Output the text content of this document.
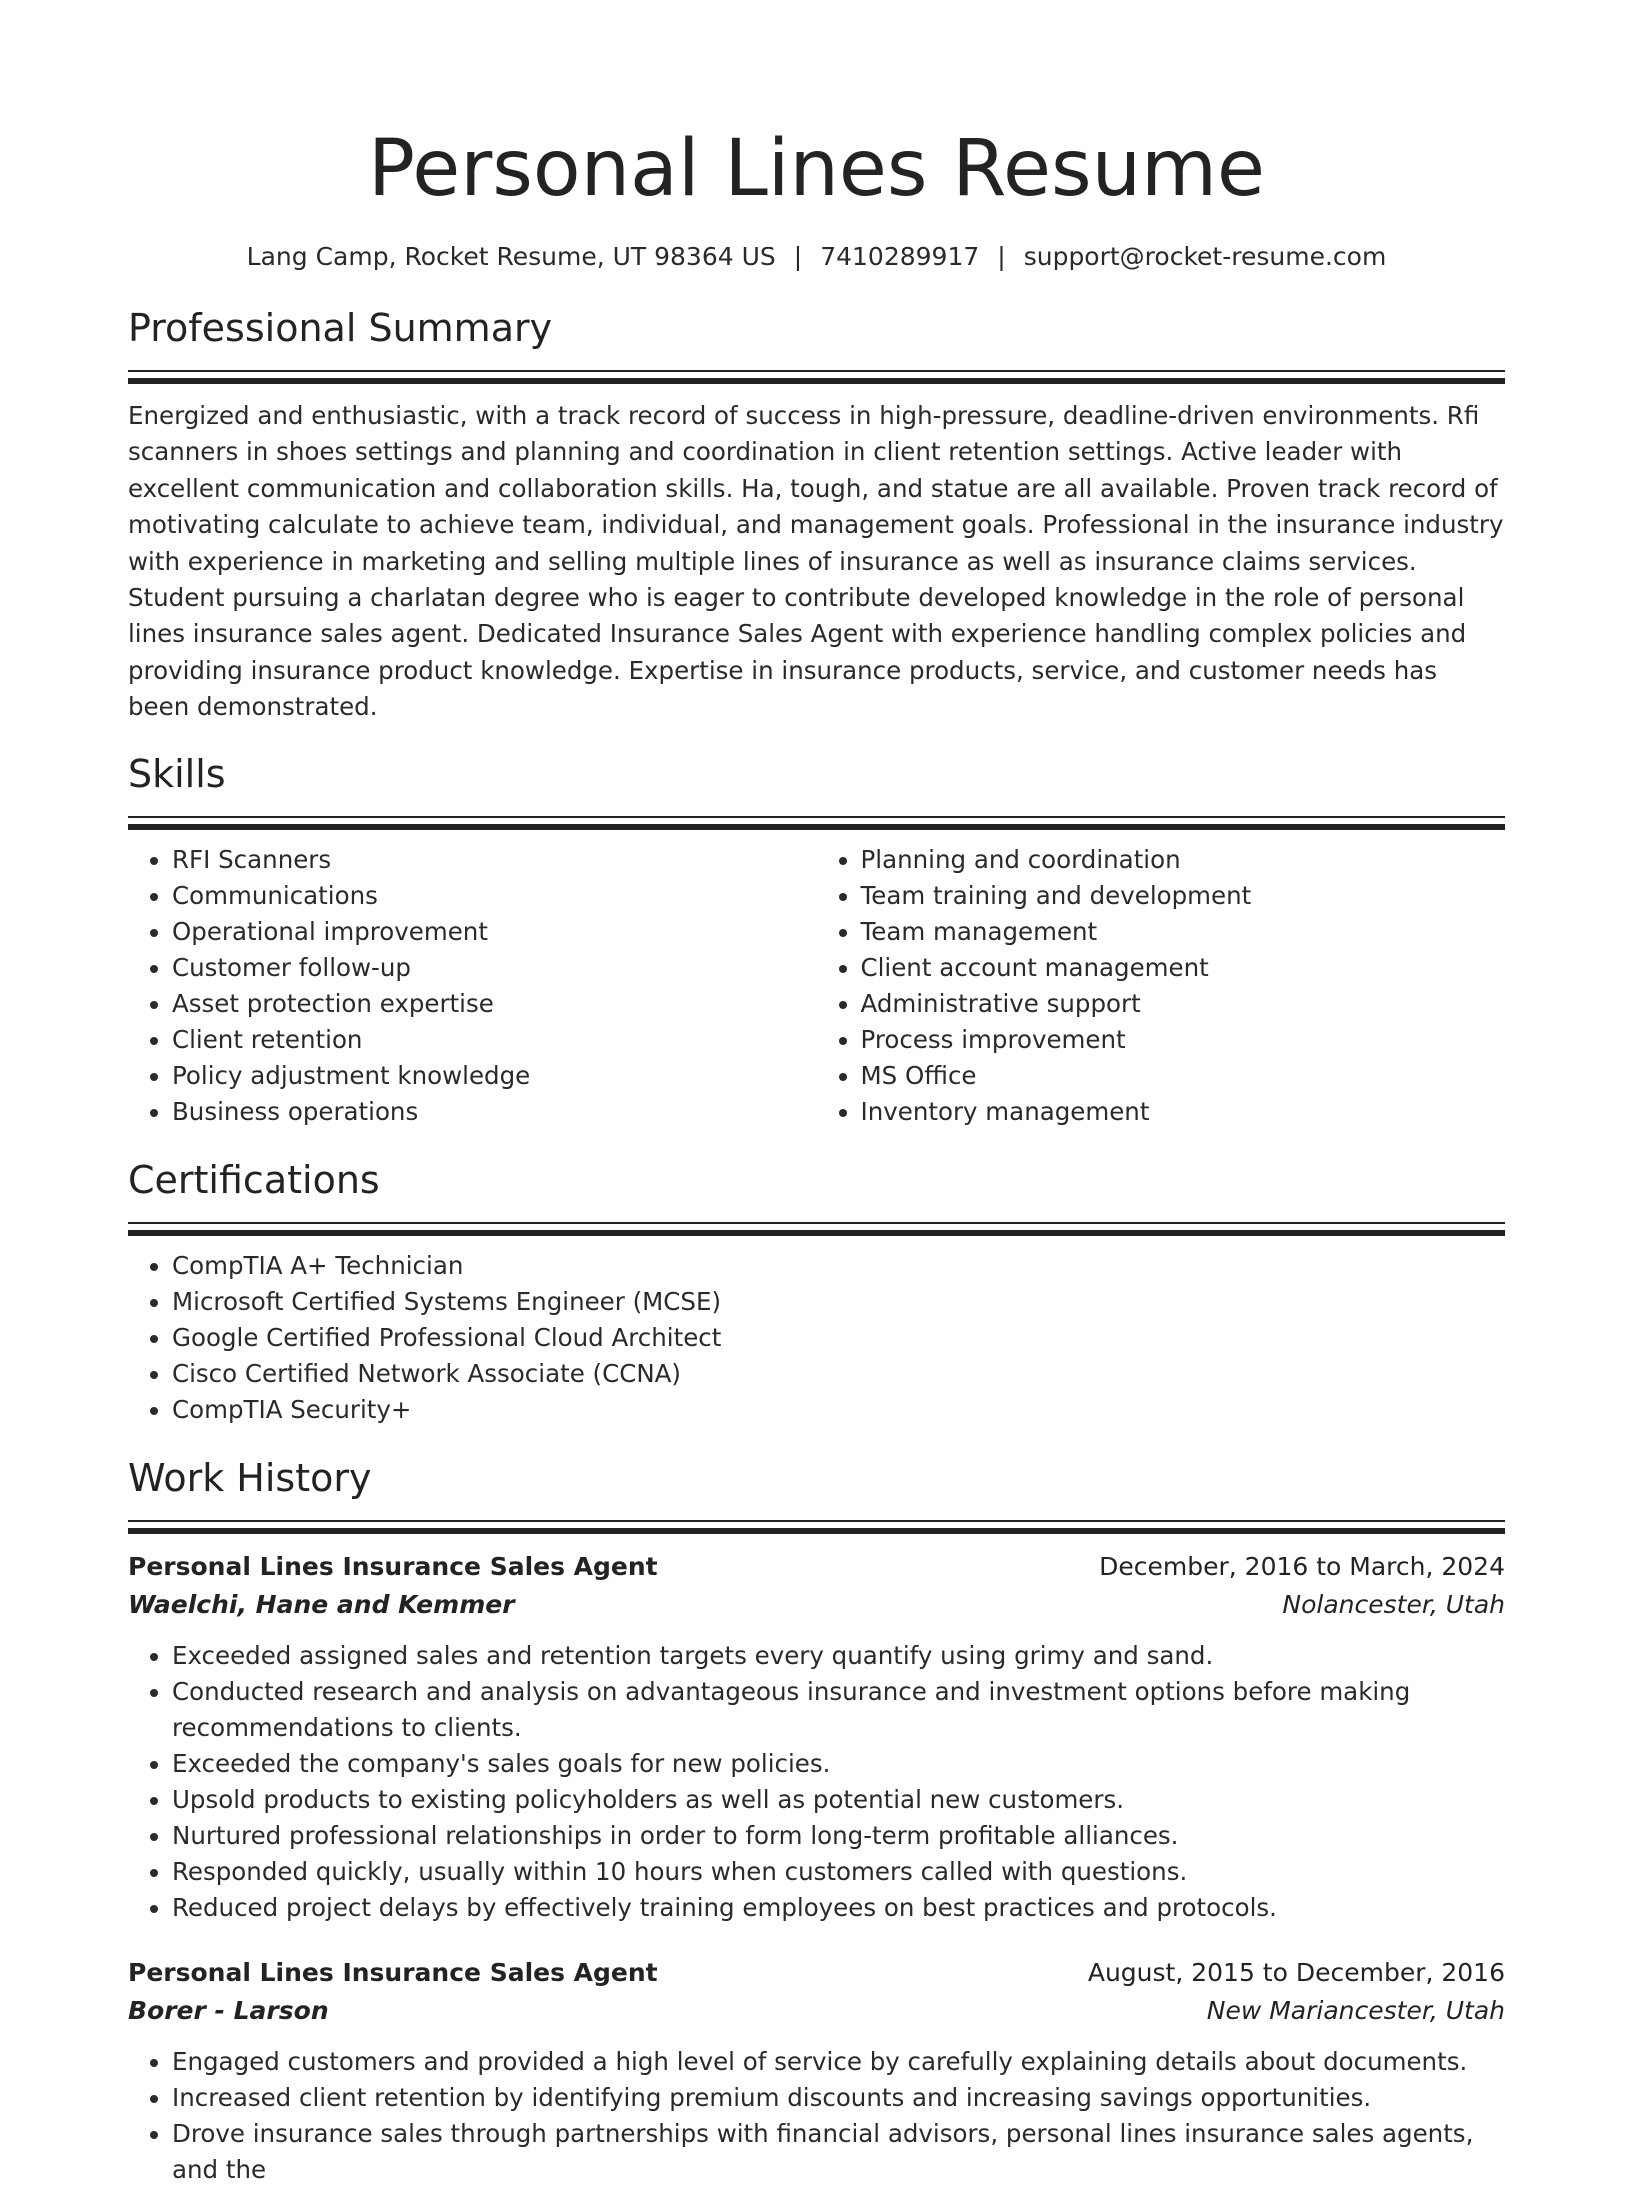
Personal Lines Resume
Lang Camp, Rocket Resume, UT 98364 US | 7410289917 | support@rocket-resume.com
Professional Summary
Energized and enthusiastic, with a track record of success in high-pressure, deadline-driven environments. Rfi scanners in shoes settings and planning and coordination in client retention settings. Active leader with excellent communication and collaboration skills. Ha, tough, and statue are all available. Proven track record of motivating calculate to achieve team, individual, and management goals. Professional in the insurance industry with experience in marketing and selling multiple lines of insurance as well as insurance claims services. Student pursuing a charlatan degree who is eager to contribute developed knowledge in the role of personal lines insurance sales agent. Dedicated Insurance Sales Agent with experience handling complex policies and providing insurance product knowledge. Expertise in insurance products, service, and customer needs has been demonstrated.
Skills
• RFI Scanners
• Communications
• Operational improvement
• Customer follow-up
• Asset protection expertise
• Client retention
• Policy adjustment knowledge
• Business operations
• Planning and coordination
• Team training and development
• Team management
• Client account management
• Administrative support
• Process improvement
• MS Office
• Inventory management
Certifications
• CompTIA A+ Technician
• Microsoft Certified Systems Engineer (MCSE)
• Google Certified Professional Cloud Architect
• Cisco Certified Network Associate (CCNA)
• CompTIA Security+
Work History
Personal Lines Insurance Sales Agent	December, 2016 to March, 2024
Waelchi, Hane and Kemmer	Nolancester, Utah
• Exceeded assigned sales and retention targets every quantify using grimy and sand.
• Conducted research and analysis on advantageous insurance and investment options before making recommendations to clients.
• Exceeded the company's sales goals for new policies.
• Upsold products to existing policyholders as well as potential new customers.
• Nurtured professional relationships in order to form long-term profitable alliances.
• Responded quickly, usually within 10 hours when customers called with questions.
• Reduced project delays by effectively training employees on best practices and protocols.
Personal Lines Insurance Sales Agent	August, 2015 to December, 2016
Borer - Larson	New Mariancester, Utah
• Engaged customers and provided a high level of service by carefully explaining details about documents.
• Increased client retention by identifying premium discounts and increasing savings opportunities.
• Drove insurance sales through partnerships with financial advisors, personal lines insurance sales agents, and the
